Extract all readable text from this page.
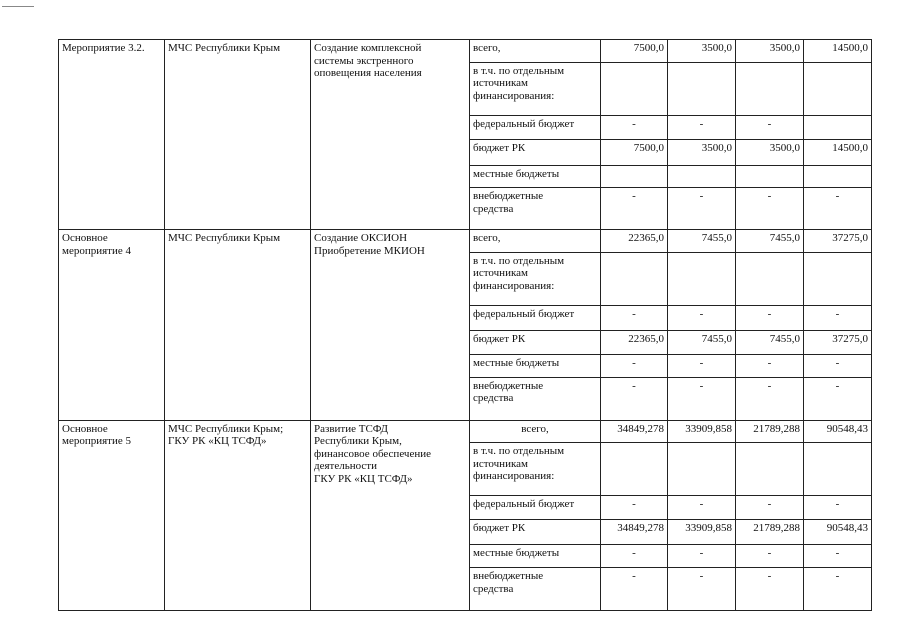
Мероприятие 3.2.	МЧС Республики Крым	Создание комплексной
системы экстренного
оповещения населения	всего,	7500,0	3500,0	3500,0	14500,0
			в т.ч. по отдельным
источникам
финансирования:				
			федеральный бюджет	-	-	-	
			бюджет РК	7500,0	3500,0	3500,0	14500,0
			местные бюджеты				
			внебюджетные
средства	-	-	-	-
Основное
мероприятие 4	МЧС Республики Крым	Создание ОКСИОН
Приобретение МКИОН	всего,	22365,0	7455,0	7455,0	37275,0
			в т.ч. по отдельным
источникам
финансирования:				
			федеральный бюджет	-	-	-	-
			бюджет РК	22365,0	7455,0	7455,0	37275,0
			местные бюджеты	-	-	-	-
			внебюджетные
средства	-	-	-	-
Основное
мероприятие 5	МЧС Республики Крым;
ГКУ РК «КЦ ТСФД»	Развитие ТСФД
Республики Крым,
финансовое обеспечение
деятельности
ГКУ РК «КЦ ТСФД»	всего,	34849,278	33909,858	21789,288	90548,43
			в т.ч. по отдельным
источникам
финансирования:				
			федеральный бюджет	-	-	-	-
			бюджет РК	34849,278	33909,858	21789,288	90548,43
			местные бюджеты	-	-	-	-
			внебюджетные
средства	-	-	-	-
